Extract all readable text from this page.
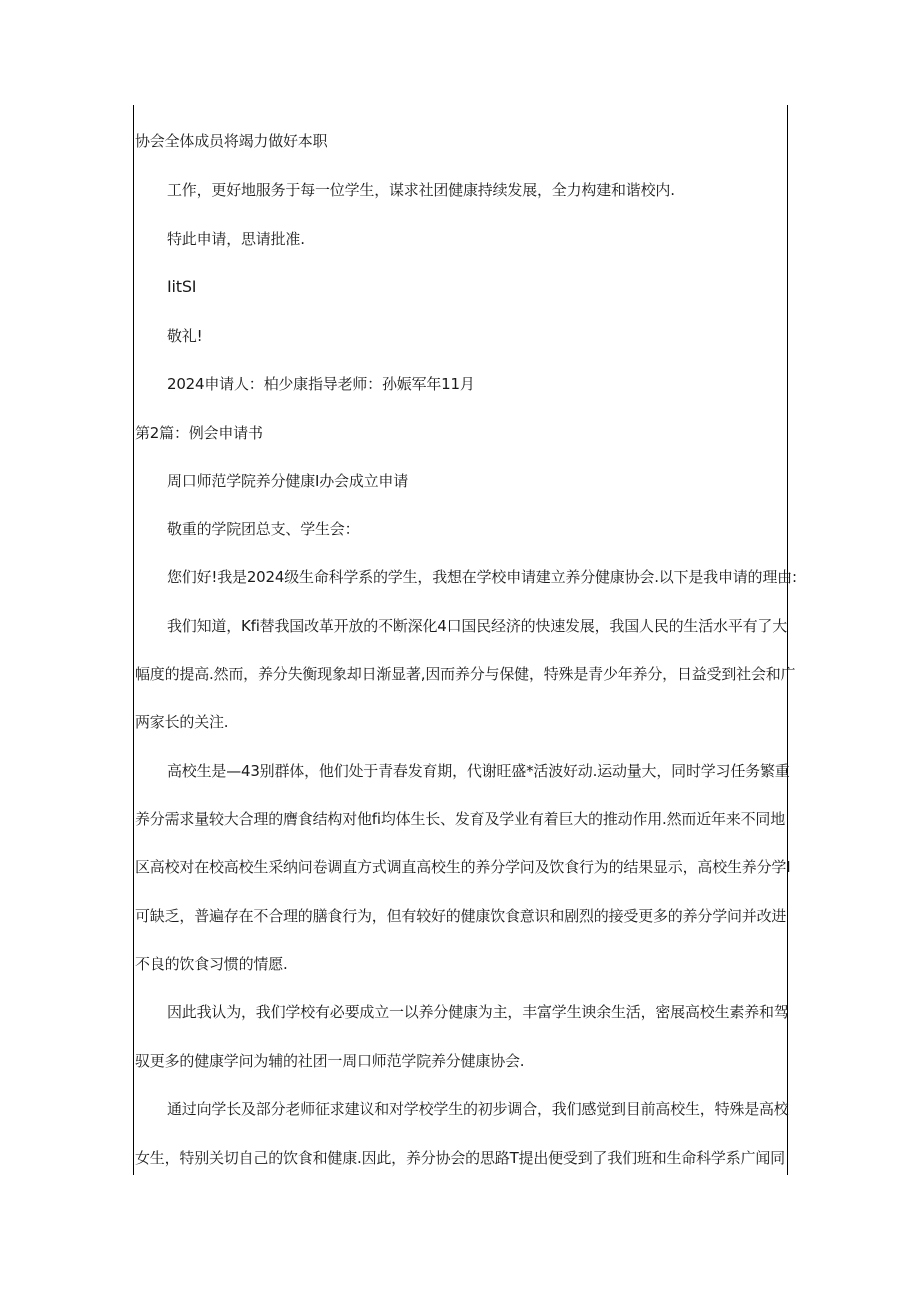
协会全体成员将竭力做好本职
工作，更好地服务于每一位学生，谋求社团健康持续发展，全力构建和谐校内.
特此申请，思请批准.
IitSI
敬礼!
2024申请人：柏少康指导老师：孙娠军年11月
第2篇：例会申请书
周口师范学院养分健康I办会成立申请
敬重的学院团总支、学生会：
您们好!我是2024级生命科学系的学生，我想在学校申请建立养分健康协会.以下是我申请的理由:
我们知道，Kfi替我国改革开放的不断深化4口国民经济的快速发展，我国人民的生活水平有了大
幅度的提高.然而，养分失衡现象却日渐显著,因而养分与保健，特殊是青少年养分，日益受到社会和广
两家长的关注.
高校生是—43别群体，他们处于青春发育期，代谢旺盛*活波好动.运动量大，同时学习任务繁重
养分需求量较大合理的膺食结构对他fi均体生长、发育及学业有着巨大的推动作用.然而近年来不同地
区高校对在校高校生采纳问卷调直方式调直高校生的养分学问及饮食行为的结果显示，高校生养分学I
可缺乏，普遍存在不合理的膳食行为，但有较好的健康饮食意识和剧烈的接受更多的养分学问并改进
不良的饮食习惯的情愿.
因此我认为，我们学校有必要成立一以养分健康为主，丰富学生谀余生活，密展高校生素养和驾
驭更多的健康学问为辅的社团一周口师范学院养分健康协会.
通过向学长及部分老师征求建议和对学校学生的初步调合，我们感觉到目前高校生，特殊是高校
女生，特别关切自己的饮食和健康.因此，养分协会的思路T提出便受到了我们班和生命科学系广闻同
